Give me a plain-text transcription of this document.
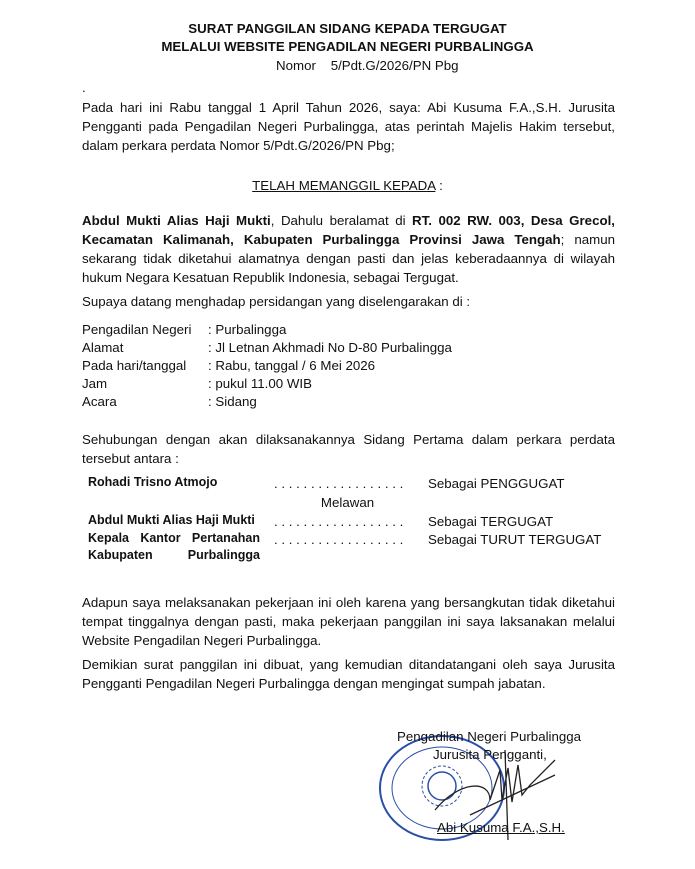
SURAT PANGGILAN SIDANG KEPADA TERGUGAT
MELALUI WEBSITE PENGADILAN NEGERI PURBALINGGA
Nomor 5/Pdt.G/2026/PN Pbg
.
Pada hari ini Rabu tanggal 1 April Tahun 2026, saya: Abi Kusuma F.A.,S.H. Jurusita Pengganti pada Pengadilan Negeri Purbalingga, atas perintah Majelis Hakim tersebut, dalam perkara perdata Nomor 5/Pdt.G/2026/PN Pbg;
TELAH MEMANGGIL KEPADA :
Abdul Mukti Alias Haji Mukti, Dahulu beralamat di RT. 002 RW. 003, Desa Grecol, Kecamatan Kalimanah, Kabupaten Purbalingga Provinsi Jawa Tengah; namun sekarang tidak diketahui alamatnya dengan pasti dan jelas keberadaannya di wilayah hukum Negara Kesatuan Republik Indonesia, sebagai Tergugat.
Supaya datang menghadap persidangan yang diselengarakan di :
Pengadilan Negeri : Purbalingga
Alamat	: Jl Letnan Akhmadi No D-80 Purbalingga
Pada hari/tanggal : Rabu, tanggal / 6 Mei 2026
Jam	: pukul 11.00 WIB
Acara	: Sidang
Sehubungan dengan akan dilaksanakannya Sidang Pertama dalam perkara perdata tersebut antara :
Rohadi Trisno Atmojo	. . . . . . . . . . . . . . . . . . Sebagai PENGGUGAT
Abdul Mukti Alias Haji Mukti	. . . . . . . . . . . . . . . . . . Sebagai TERGUGAT
Kepala Kantor Pertanahan Kabupaten Purbalingga
. . . . . . . . . . . . . . . . . . Sebagai TURUT TERGUGAT
Melawan
Adapun saya melaksanakan pekerjaan ini oleh karena yang bersangkutan tidak diketahui tempat tinggalnya dengan pasti, maka pekerjaan panggilan ini saya laksanakan melalui Website Pengadilan Negeri Purbalingga.
Demikian surat panggilan ini dibuat, yang kemudian ditandatangani oleh saya Jurusita Pengganti Pengadilan Negeri Purbalingga dengan mengingat sumpah jabatan.
Pengadilan Negeri Purbalingga
Jurusita Pengganti,
Abi Kusuma F.A.,S.H.
